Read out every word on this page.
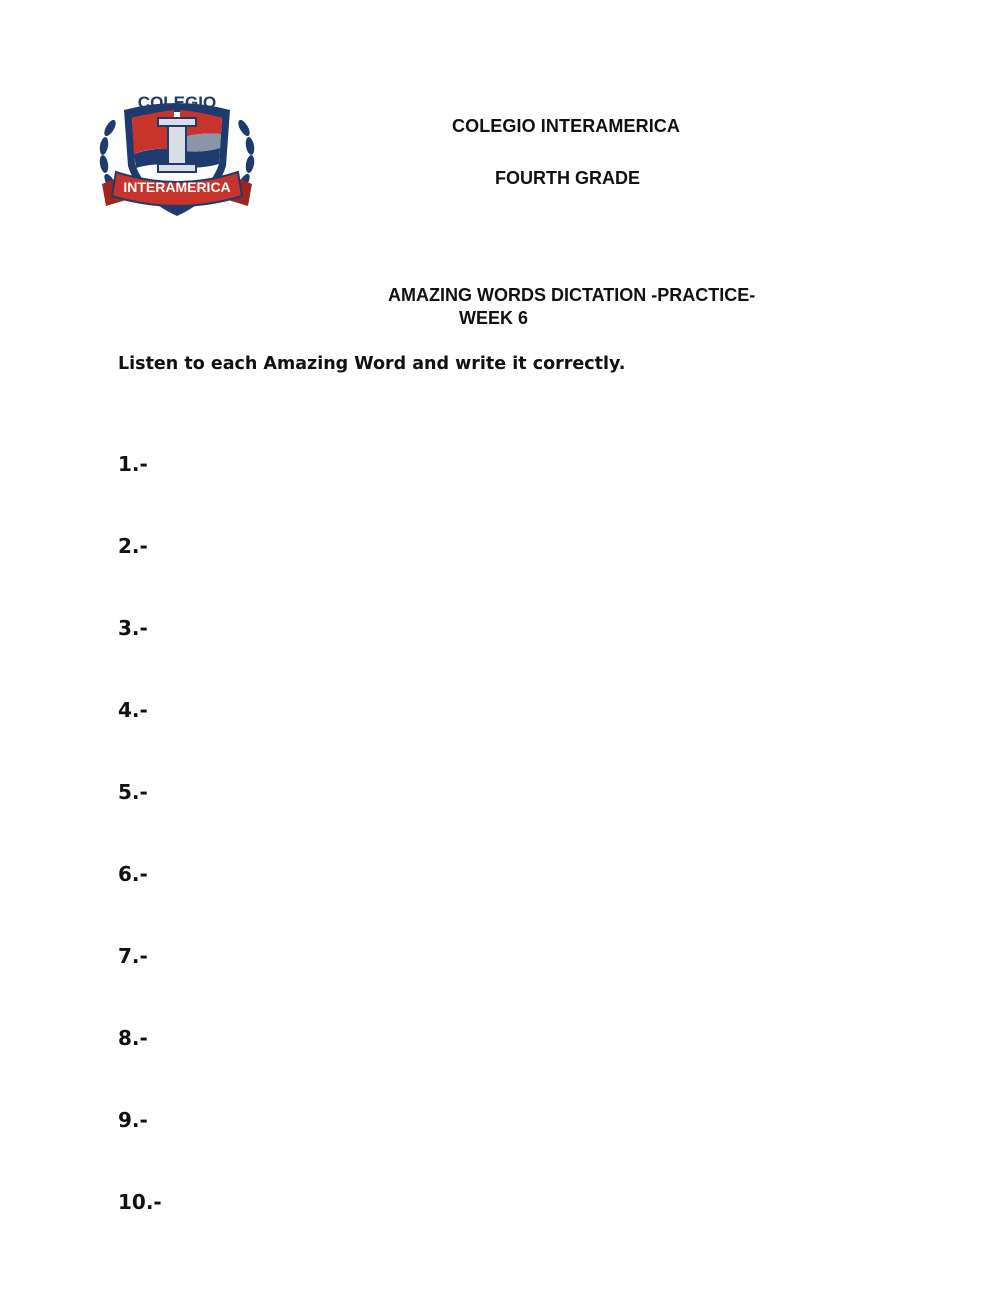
COLEGIO
INTERAMERICA
COLEGIO INTERAMERICA
FOURTH GRADE
AMAZING WORDS DICTATION -PRACTICE-
WEEK 6
Listen to each Amazing Word and write it correctly.
1.-
2.-
3.-
4.-
5.-
6.-
7.-
8.-
9.-
10.-
